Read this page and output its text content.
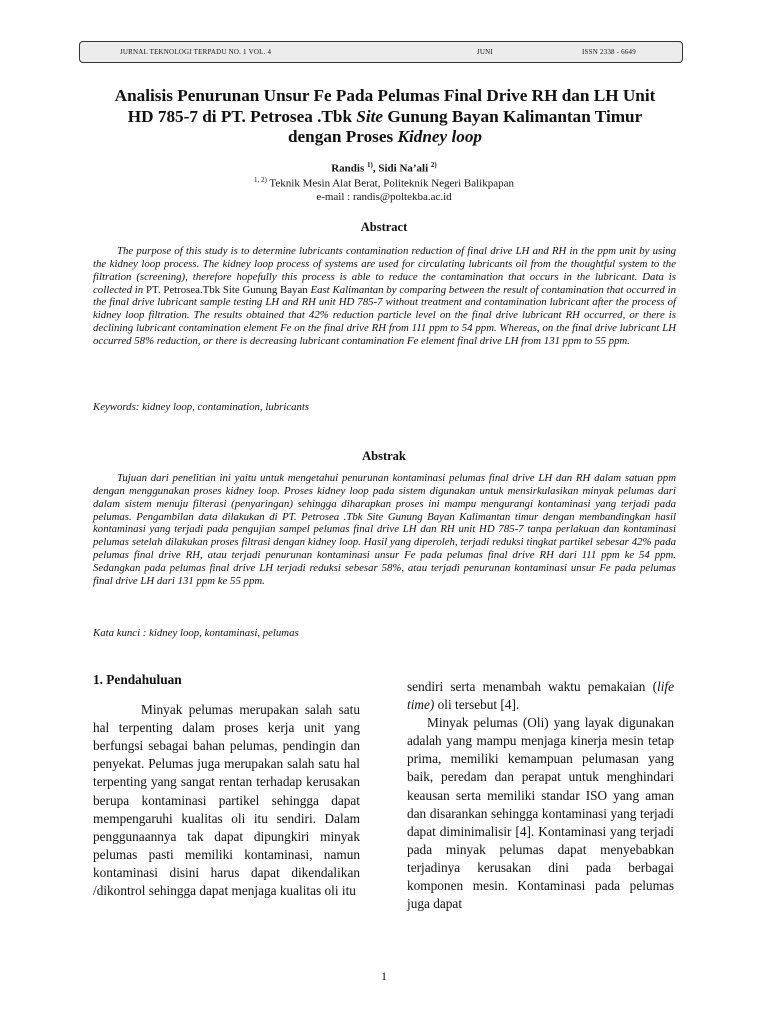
JURNAL TEKNOLOGI TERPADU NO. 1 VOL. 4	JUNI	ISSN 2338 - 6649
Analisis Penurunan Unsur Fe Pada Pelumas Final Drive RH dan LH Unit
HD 785-7 di PT. Petrosea .Tbk Site Gunung Bayan Kalimantan Timur
dengan Proses Kidney loop
Randis $^{1)}$, Sidi Na’ali $^{2)}$
$^{1, 2)}$ Teknik Mesin Alat Berat, Politeknik Negeri Balikpapan
e-mail : randis@poltekba.ac.id
Abstract
The purpose of this study is to determine lubricants contamination reduction of final drive LH and RH in the ppm unit by using the kidney loop process. The kidney loop process of systems are used for circulating lubricants oil from the thoughtful system to the filtration (screening), therefore hopefully this process is able to reduce the contamination that occurs in the lubricant. Data is collected in PT. Petrosea.Tbk Site Gunung Bayan East Kalimantan by comparing between the result of contamination that occurred in the final drive lubricant sample testing LH and RH unit HD 785-7 without treatment and contamination lubricant after the process of kidney loop filtration. The results obtained that 42% reduction particle level on the final drive lubricant RH occurred, or there is declining lubricant contamination element Fe on the final drive RH from 111 ppm to 54 ppm. Whereas, on the final drive lubricant LH occurred 58% reduction, or there is decreasing lubricant contamination Fe element final drive LH from 131 ppm to 55 ppm.
Keywords: kidney loop, contamination, lubricants
Abstrak
Tujuan dari penelitian ini yaitu untuk mengetahui penurunan kontaminasi pelumas final drive LH dan RH dalam satuan ppm dengan menggunakan proses kidney loop. Proses kidney loop pada sistem digunakan untuk mensirkulasikan minyak pelumas dari dalam sistem menuju filterasi (penyaringan) sehingga diharapkan proses ini mampu mengurangi kontaminasi yang terjadi pada pelumas. Pengambilan data dilakukan di PT. Petrosea .Tbk Site Gunung Bayan Kalimantan timur dengan membandingkan hasil kontaminasi yang terjadi pada pengujian sampel pelumas final drive LH dan RH unit HD 785-7 tanpa perlakuan dan kontaminasi pelumas setelah dilakukan proses filtrasi dengan kidney loop. Hasil yang diperoleh, terjadi reduksi tingkat partikel sebesar 42% pada pelumas final drive RH, atau terjadi penurunan kontaminasi unsur Fe pada pelumas final drive RH dari 111 ppm ke 54 ppm. Sedangkan pada pelumas final drive LH terjadi reduksi sebesar 58%, atau terjadi penurunan kontaminasi unsur Fe pada pelumas final drive LH dari 131 ppm ke 55 ppm.
Kata kunci : kidney loop, kontaminasi, pelumas
1. Pendahuluan

Minyak pelumas merupakan salah satu hal terpenting dalam proses kerja unit yang berfungsi sebagai bahan pelumas, pendingin dan penyekat. Pelumas juga merupakan salah satu hal terpenting yang sangat rentan terhadap kerusakan berupa kontaminasi partikel sehingga dapat mempengaruhi kualitas oli itu sendiri. Dalam penggunaannya tak dapat dipungkiri minyak pelumas pasti memiliki kontaminasi, namun kontaminasi disini harus dapat dikendalikan /dikontrol sehingga dapat menjaga kualitas oli itu

sendiri serta menambah waktu pemakaian (life time) oli tersebut [4].

Minyak pelumas (Oli) yang layak digunakan adalah yang mampu menjaga kinerja mesin tetap prima, memiliki kemampuan pelumasan yang baik, peredam dan perapat untuk menghindari keausan serta memiliki standar ISO yang aman dan disarankan sehingga kontaminasi yang terjadi dapat diminimalisir [4]. Kontaminasi yang terjadi pada minyak pelumas dapat menyebabkan terjadinya kerusakan dini pada berbagai komponen mesin. Kontaminasi pada pelumas juga dapat

1
